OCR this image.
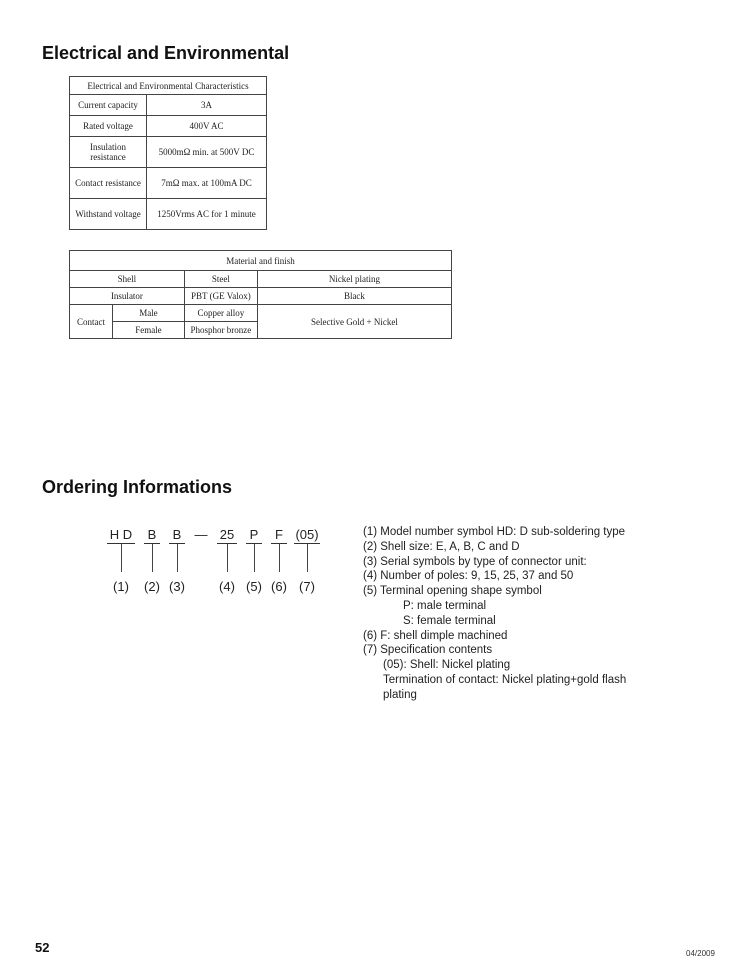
Electrical and Environmental
Electrical and Environmental Characteristics	
Current capacity	3A
Rated voltage	400V AC
Insulation resistance	5000mΩ min. at 500V DC
Contact resistance	7mΩ max. at 100mA DC
Withstand voltage	1250Vrms AC for 1 minute
Material and finish			
Shell		Steel	Nickel plating
Insulator		PBT (GE Valox)	Black
Contact	Male	Copper alloy	Selective Gold + Nickel
	Female	Phosphor bronze	
Ordering Informations
H D B B — 25 P F (05)
(1) (2) (3)	(4) (5) (6) (7)
(1) Model number symbol HD: D sub-soldering type
(2) Shell size: E, A, B, C and D
(3) Serial symbols by type of connector unit:
(4) Number of poles: 9, 15, 25, 37 and 50
(5) Terminal opening shape symbol
P: male terminal
S: female terminal
(6) F: shell dimple machined
(7) Specification contents
(05): Shell: Nickel plating
Termination of contact: Nickel plating+gold flash
plating
52	04/2009
